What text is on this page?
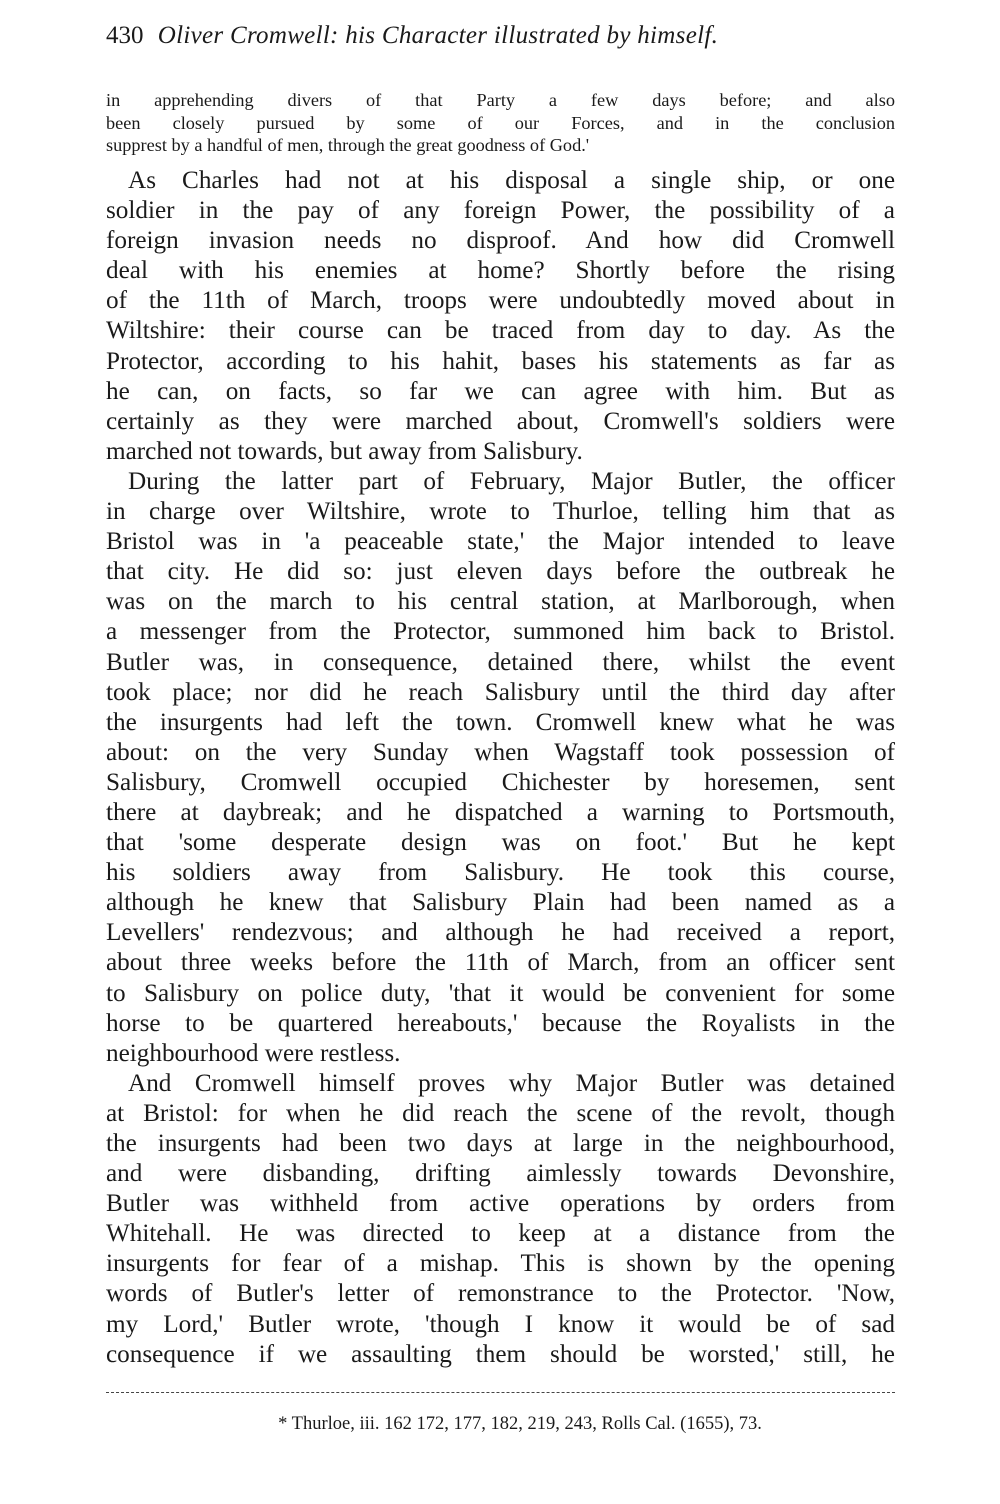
430 Oliver Cromwell: his Character illustrated by himself.
in apprehending divers of that Party a few days before; and also
been closely pursued by some of our Forces, and in the conclusion
supprest by a handful of men, through the great goodness of God.'
As Charles had not at his disposal a single ship, or one
soldier in the pay of any foreign Power, the possibility of a
foreign invasion needs no disproof. And how did Cromwell
deal with his enemies at home? Shortly before the rising
of the 11th of March, troops were undoubtedly moved about in
Wiltshire: their course can be traced from day to day. As the
Protector, according to his hahit, bases his statements as far as
he can, on facts, so far we can agree with him. But as
certainly as they were marched about, Cromwell's soldiers were
marched not towards, but away from Salisbury.
During the latter part of February, Major Butler, the officer
in charge over Wiltshire, wrote to Thurloe, telling him that as
Bristol was in 'a peaceable state,' the Major intended to leave
that city. He did so: just eleven days before the outbreak he
was on the march to his central station, at Marlborough, when
a messenger from the Protector, summoned him back to Bristol.
Butler was, in consequence, detained there, whilst the event
took place; nor did he reach Salisbury until the third day after
the insurgents had left the town. Cromwell knew what he was
about: on the very Sunday when Wagstaff took possession of
Salisbury, Cromwell occupied Chichester by horesemen, sent
there at daybreak; and he dispatched a warning to Portsmouth,
that 'some desperate design was on foot.' But he kept
his soldiers away from Salisbury. He took this course,
although he knew that Salisbury Plain had been named as a
Levellers' rendezvous; and although he had received a report,
about three weeks before the 11th of March, from an officer sent
to Salisbury on police duty, 'that it would be convenient for some
horse to be quartered hereabouts,' because the Royalists in the
neighbourhood were restless.
And Cromwell himself proves why Major Butler was detained
at Bristol: for when he did reach the scene of the revolt, though
the insurgents had been two days at large in the neighbourhood,
and were disbanding, drifting aimlessly towards Devonshire,
Butler was withheld from active operations by orders from
Whitehall. He was directed to keep at a distance from the
insurgents for fear of a mishap. This is shown by the opening
words of Butler's letter of remonstrance to the Protector. 'Now,
my Lord,' Butler wrote, 'though I know it would be of sad
consequence if we assaulting them should be worsted,' still, he
* Thurloe, iii. 162 172, 177, 182, 219, 243, Rolls Cal. (1655), 73.
